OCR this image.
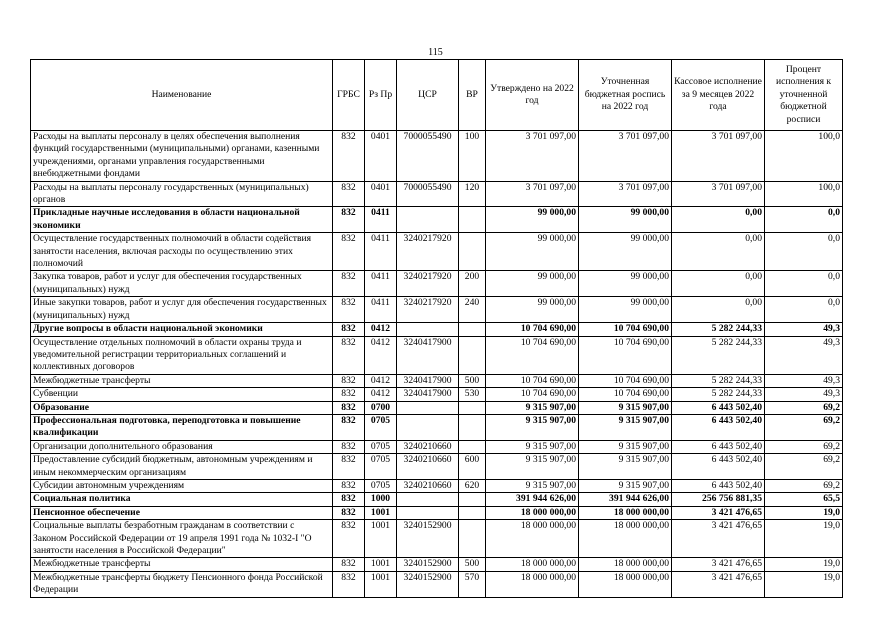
115
Наименование	ГРБС	Рз Пр	ЦСР	ВР	Утверждено на 2022 год	Уточненная бюджетная роспись на 2022 год	Кассовое исполнение за 9 месяцев 2022 года	Процент исполнения к уточненной бюджетной росписи
Расходы на выплаты персоналу в целях обеспечения выполнения функций государственными (муниципальными) органами, казенными учреждениями, органами управления государственными внебюджетными фондами	832	0401	7000055490	100	3 701 097,00	3 701 097,00	3 701 097,00	100,0
Расходы на выплаты персоналу государственных (муниципальных) органов	832	0401	7000055490	120	3 701 097,00	3 701 097,00	3 701 097,00	100,0
Прикладные научные исследования в области национальной экономики	832	0411			99 000,00	99 000,00	0,00	0,0
Осуществление государственных полномочий в области содействия занятости населения, включая расходы по осуществлению этих полномочий	832	0411	3240217920		99 000,00	99 000,00	0,00	0,0
Закупка товаров, работ и услуг для обеспечения государственных (муниципальных) нужд	832	0411	3240217920	200	99 000,00	99 000,00	0,00	0,0
Иные закупки товаров, работ и услуг для обеспечения государственных (муниципальных) нужд	832	0411	3240217920	240	99 000,00	99 000,00	0,00	0,0
Другие вопросы в области национальной экономики	832	0412			10 704 690,00	10 704 690,00	5 282 244,33	49,3
Осуществление отдельных полномочий в области охраны труда и уведомительной регистрации территориальных соглашений и коллективных договоров	832	0412	3240417900		10 704 690,00	10 704 690,00	5 282 244,33	49,3
Межбюджетные трансферты	832	0412	3240417900	500	10 704 690,00	10 704 690,00	5 282 244,33	49,3
Субвенции	832	0412	3240417900	530	10 704 690,00	10 704 690,00	5 282 244,33	49,3
Образование	832	0700			9 315 907,00	9 315 907,00	6 443 502,40	69,2
Профессиональная подготовка, переподготовка и повышение квалификации	832	0705			9 315 907,00	9 315 907,00	6 443 502,40	69,2
Организации дополнительного образования	832	0705	3240210660		9 315 907,00	9 315 907,00	6 443 502,40	69,2
Предоставление субсидий бюджетным, автономным учреждениям и иным некоммерческим организациям	832	0705	3240210660	600	9 315 907,00	9 315 907,00	6 443 502,40	69,2
Субсидии автономным учреждениям	832	0705	3240210660	620	9 315 907,00	9 315 907,00	6 443 502,40	69,2
Социальная политика	832	1000			391 944 626,00	391 944 626,00	256 756 881,35	65,5
Пенсионное обеспечение	832	1001			18 000 000,00	18 000 000,00	3 421 476,65	19,0
Социальные выплаты безработным гражданам в соответствии с Законом Российской Федерации от 19 апреля 1991 года № 1032-I "О занятости населения в Российской Федерации"	832	1001	3240152900		18 000 000,00	18 000 000,00	3 421 476,65	19,0
Межбюджетные трансферты	832	1001	3240152900	500	18 000 000,00	18 000 000,00	3 421 476,65	19,0
Межбюджетные трансферты бюджету Пенсионного фонда Российской Федерации	832	1001	3240152900	570	18 000 000,00	18 000 000,00	3 421 476,65	19,0
